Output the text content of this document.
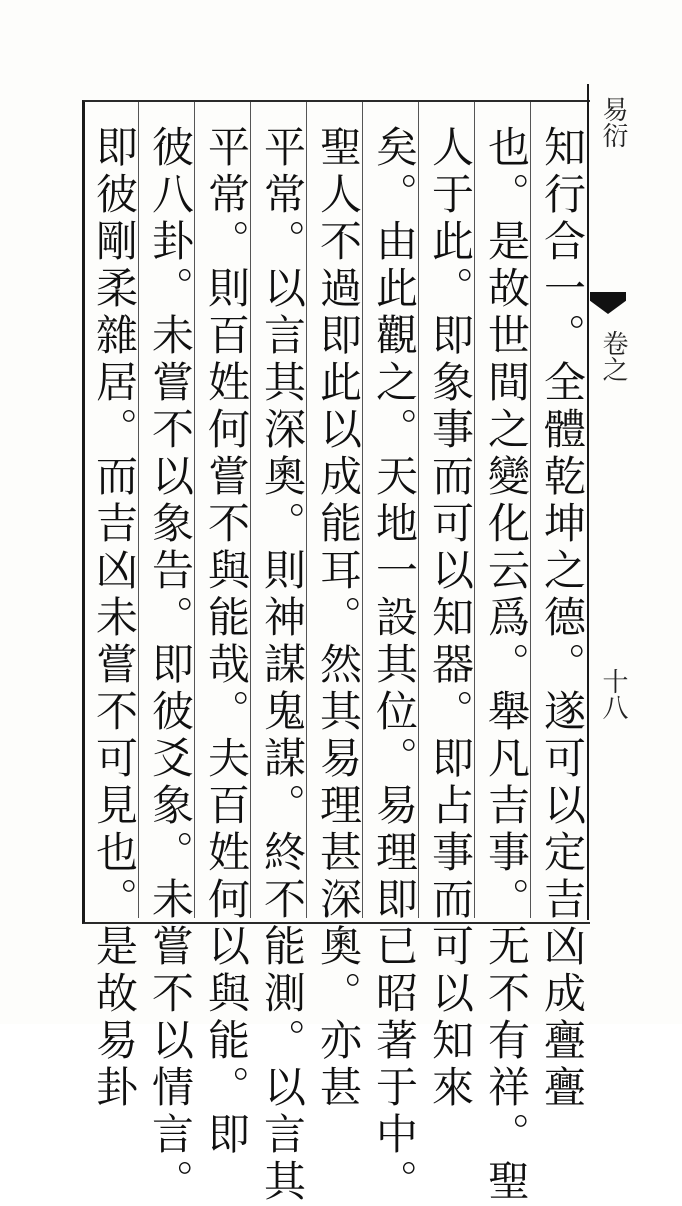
易衍
卷之
十八
知行合一。全體乾坤之德。遂可以定吉凶成亹亹
也。是故世間之變化云爲。舉凡吉事。无不有祥。聖
人于此。即象事而可以知器。即占事而可以知來
矣。由此觀之。天地一設其位。易理即已昭著于中。
聖人不過即此以成能耳。然其易理甚深奧。亦甚
平常。以言其深奧。則神謀鬼謀。終不能測。以言其
平常。則百姓何嘗不與能哉。夫百姓何以與能。即
彼八卦。未嘗不以象告。即彼爻象。未嘗不以情言。
即彼剛柔雜居。而吉凶未嘗不可見也。是故易卦
